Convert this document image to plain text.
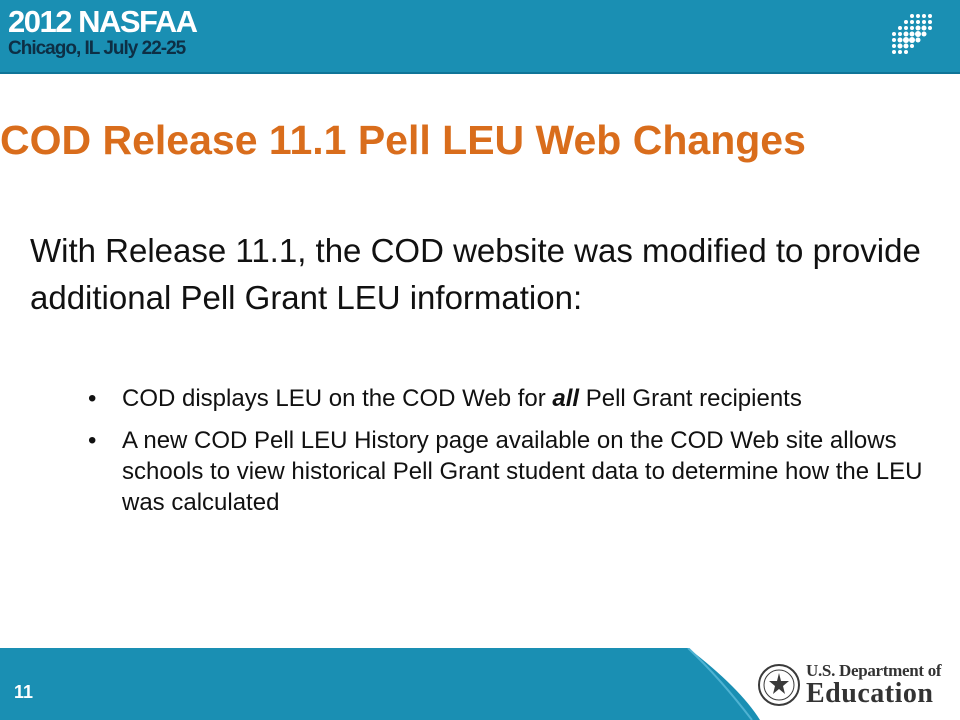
2012 NASFAA
Chicago, IL July 22-25
COD Release 11.1 Pell LEU Web Changes
With Release 11.1, the COD website was modified to provide additional Pell Grant LEU information:
• COD displays LEU on the COD Web for all Pell Grant recipients
• A new COD Pell LEU History page available on the COD Web site allows schools to view historical Pell Grant student data to determine how the LEU was calculated
11
U.S. Department of
Education
